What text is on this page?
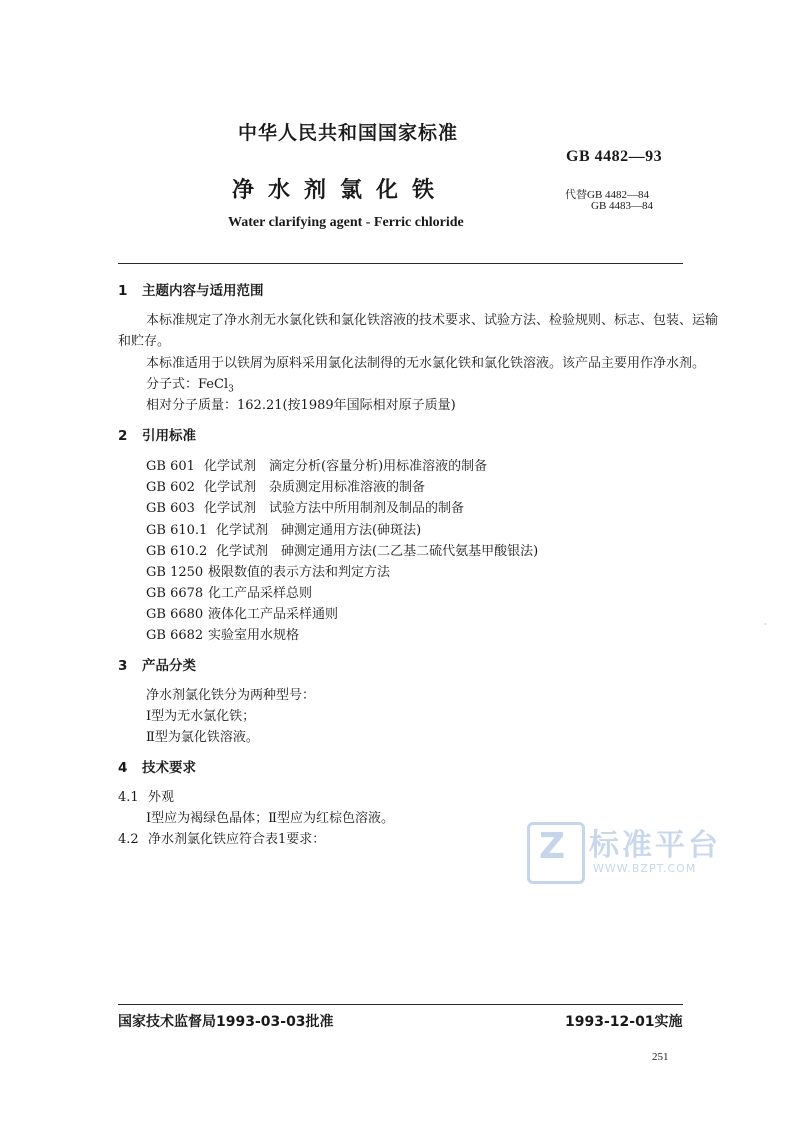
中华人民共和国国家标准
GB 4482—93
净水剂氯化铁	代替GB 4482—84
GB 4483—84
Water clarifying agent - Ferric chloride
1 主题内容与适用范围
本标准规定了净水剂无水氯化铁和氯化铁溶液的技术要求、试验方法、检验规则、标志、包装、运输
和贮存。
本标准适用于以铁屑为原料采用氯化法制得的无水氯化铁和氯化铁溶液。该产品主要用作净水剂。
分子式：FeCl$_3$
相对分子质量：162.21(按1989年国际相对原子质量)
2 引用标准
GB 601 化学试剂　滴定分析(容量分析)用标准溶液的制备
GB 602 化学试剂　杂质测定用标准溶液的制备
GB 603 化学试剂　试验方法中所用制剂及制品的制备
GB 610.1 化学试剂　砷测定通用方法(砷斑法)
GB 610.2 化学试剂　砷测定通用方法(二乙基二硫代氨基甲酸银法)
GB 1250 极限数值的表示方法和判定方法
GB 6678 化工产品采样总则
GB 6680 液体化工产品采样通则
GB 6682 实验室用水规格
3 产品分类
净水剂氯化铁分为两种型号：
Ⅰ型为无水氯化铁；
Ⅱ型为氯化铁溶液。
4 技术要求
4.1 外观
Ⅰ型应为褐绿色晶体；Ⅱ型应为红棕色溶液。
4.2 净水剂氯化铁应符合表1要求：	Z 标准平台
WWW.BZPT.COM
·
国家技术监督局1993-03-03批准	1993-12-01实施
251
